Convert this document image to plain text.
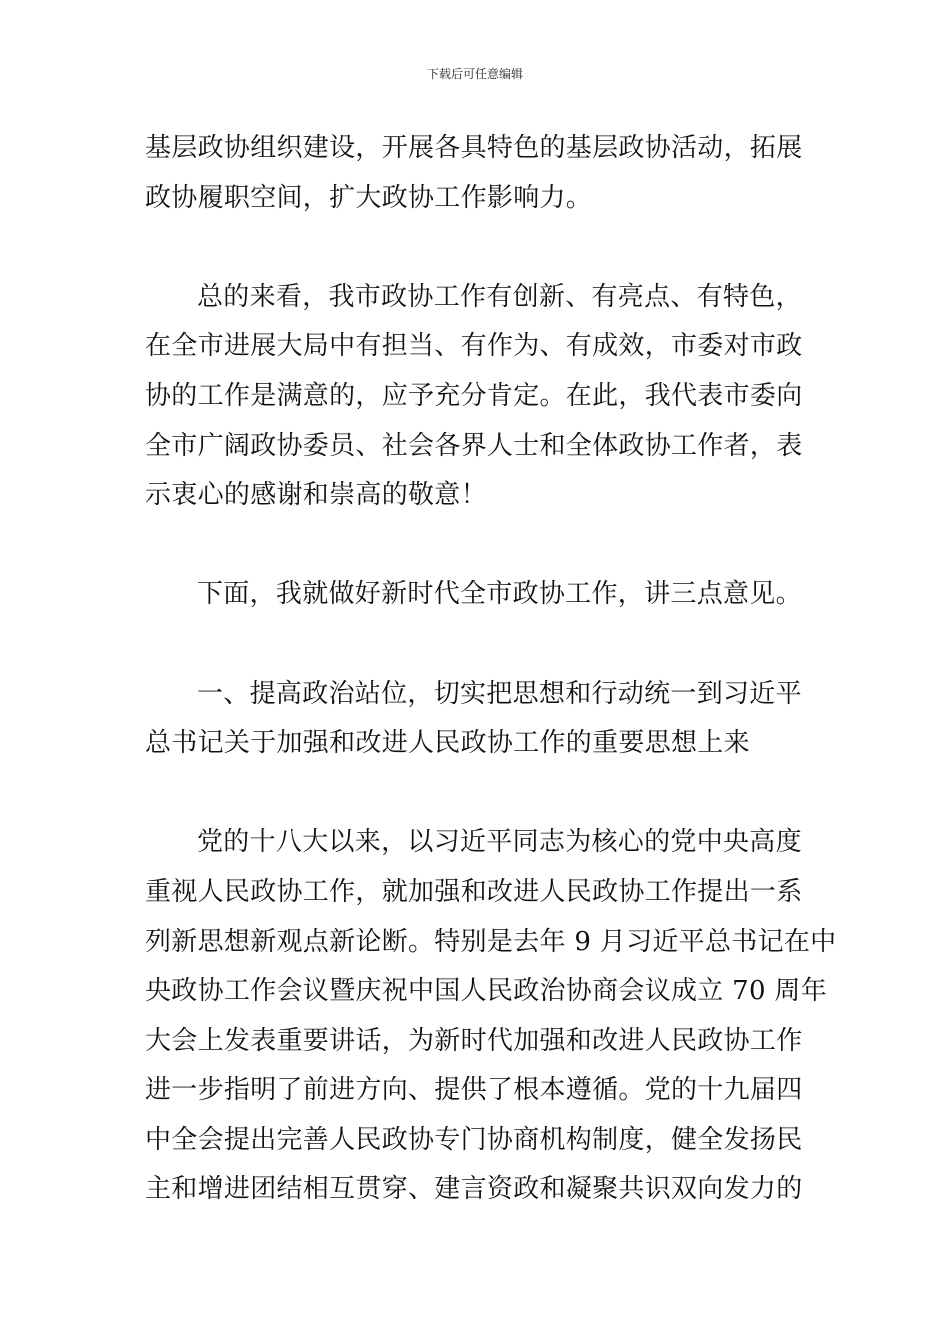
下载后可任意编辑
基层政协组织建设，开展各具特色的基层政协活动，拓展
政协履职空间，扩大政协工作影响力。
总的来看，我市政协工作有创新、有亮点、有特色，
在全市进展大局中有担当、有作为、有成效，市委对市政
协的工作是满意的，应予充分肯定。在此，我代表市委向
全市广阔政协委员、社会各界人士和全体政协工作者，表
示衷心的感谢和崇高的敬意！
下面，我就做好新时代全市政协工作，讲三点意见。
一、提高政治站位，切实把思想和行动统一到习近平
总书记关于加强和改进人民政协工作的重要思想上来
党的十八大以来，以习近平同志为核心的党中央高度
重视人民政协工作，就加强和改进人民政协工作提出一系
列新思想新观点新论断。特别是去年 9 月习近平总书记在中
央政协工作会议暨庆祝中国人民政治协商会议成立 70 周年
大会上发表重要讲话，为新时代加强和改进人民政协工作
进一步指明了前进方向、提供了根本遵循。党的十九届四
中全会提出完善人民政协专门协商机构制度，健全发扬民
主和增进团结相互贯穿、建言资政和凝聚共识双向发力的
